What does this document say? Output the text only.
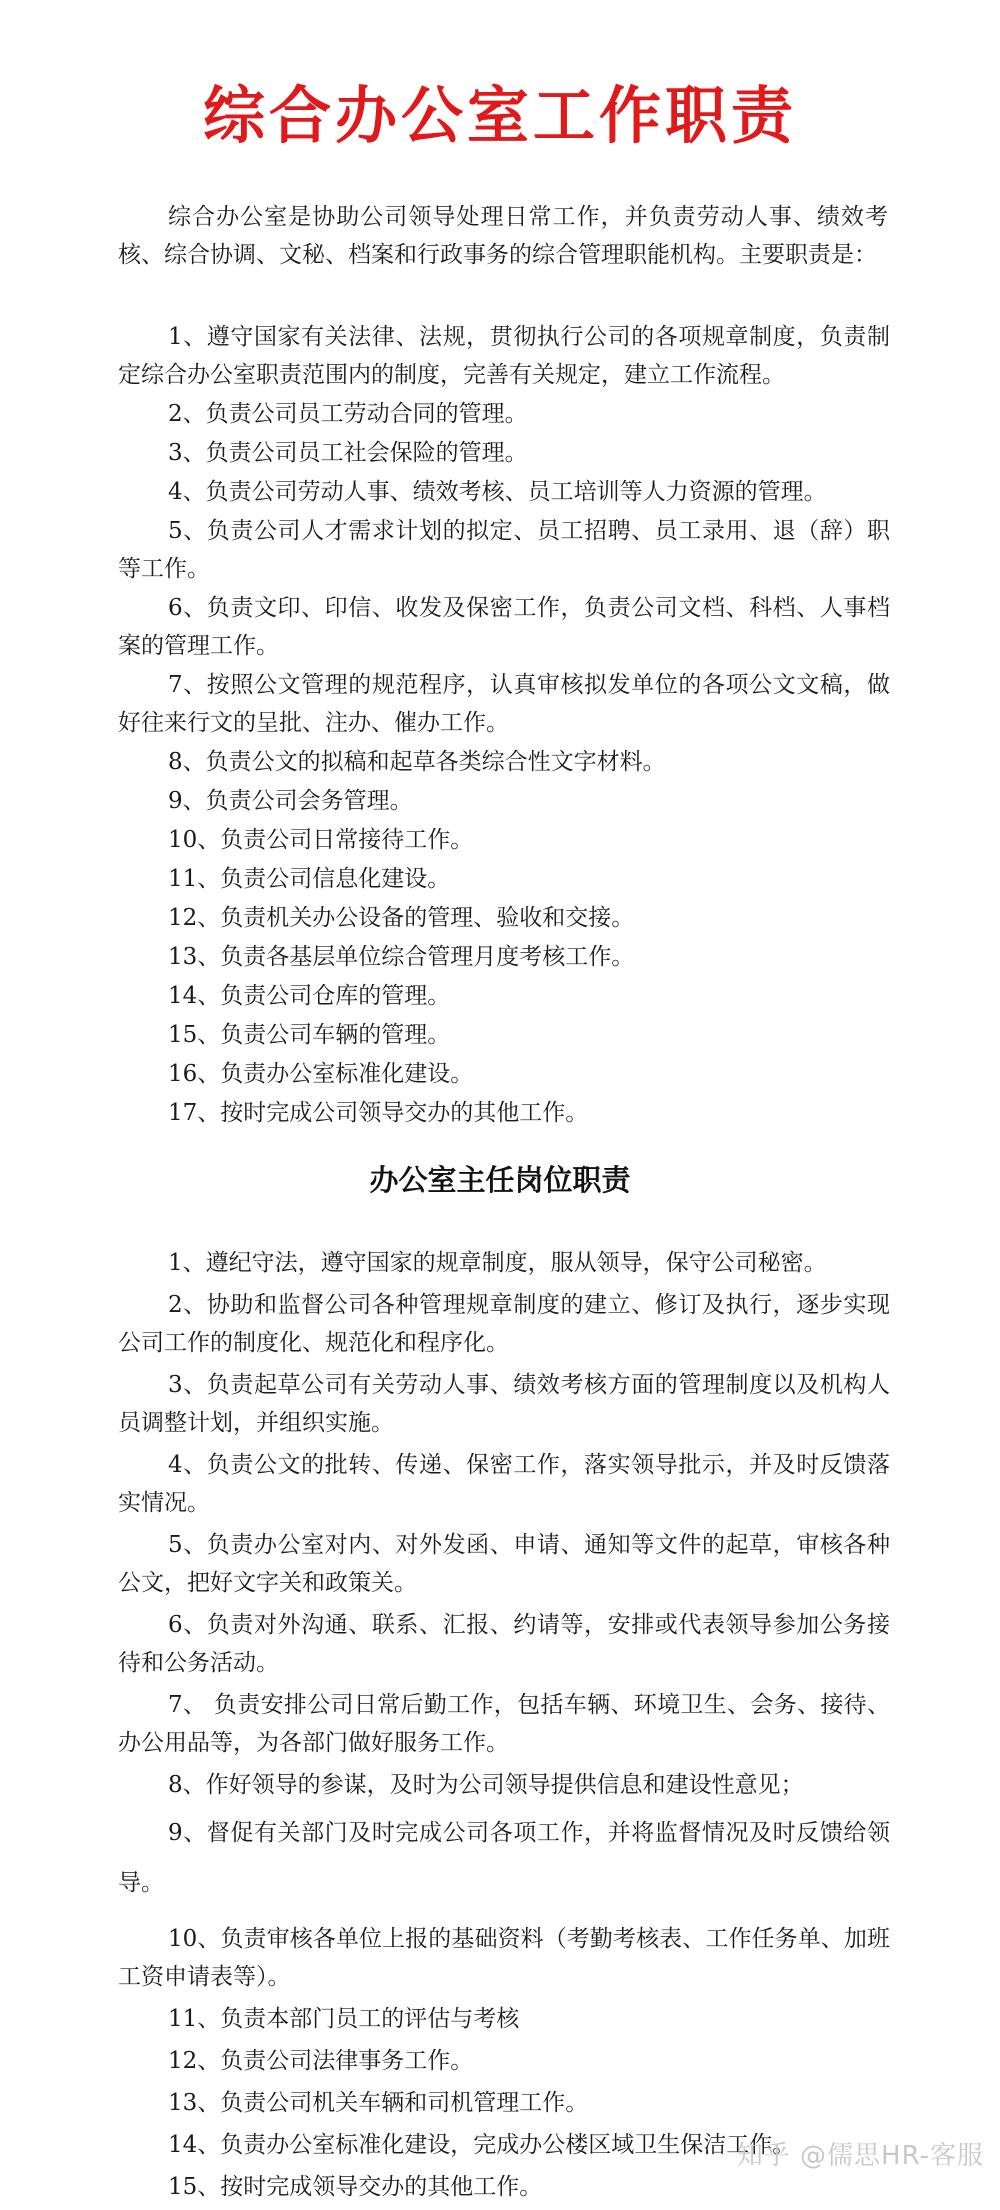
综合办公室工作职责

综合办公室是协助公司领导处理日常工作，并负责劳动人事、绩效考核、综合协调、文秘、档案和行政事务的综合管理职能机构。主要职责是：

1、遵守国家有关法律、法规，贯彻执行公司的各项规章制度，负责制定综合办公室职责范围内的制度，完善有关规定，建立工作流程。
2、负责公司员工劳动合同的管理。
3、负责公司员工社会保险的管理。
4、负责公司劳动人事、绩效考核、员工培训等人力资源的管理。
5、负责公司人才需求计划的拟定、员工招聘、员工录用、退（辞）职等工作。
6、负责文印、印信、收发及保密工作，负责公司文档、科档、人事档案的管理工作。
7、按照公文管理的规范程序，认真审核拟发单位的各项公文文稿，做好往来行文的呈批、注办、催办工作。
8、负责公文的拟稿和起草各类综合性文字材料。
9、负责公司会务管理。
10、负责公司日常接待工作。
11、负责公司信息化建设。
12、负责机关办公设备的管理、验收和交接。
13、负责各基层单位综合管理月度考核工作。
14、负责公司仓库的管理。
15、负责公司车辆的管理。
16、负责办公室标准化建设。
17、按时完成公司领导交办的其他工作。
办公室主任岗位职责
1、遵纪守法，遵守国家的规章制度，服从领导，保守公司秘密。
2、协助和监督公司各种管理规章制度的建立、修订及执行，逐步实现公司工作的制度化、规范化和程序化。
3、负责起草公司有关劳动人事、绩效考核方面的管理制度以及机构人员调整计划，并组织实施。
4、负责公文的批转、传递、保密工作，落实领导批示，并及时反馈落实情况。
5、负责办公室对内、对外发函、申请、通知等文件的起草，审核各种公文，把好文字关和政策关。
6、负责对外沟通、联系、汇报、约请等，安排或代表领导参加公务接待和公务活动。
7、 负责安排公司日常后勤工作，包括车辆、环境卫生、会务、接待、办公用品等，为各部门做好服务工作。
8、作好领导的参谋，及时为公司领导提供信息和建设性意见；
9、督促有关部门及时完成公司各项工作，并将监督情况及时反馈给领导。
10、负责审核各单位上报的基础资料（考勤考核表、工作任务单、加班工资申请表等）。
11、负责本部门员工的评估与考核
12、负责公司法律事务工作。
13、负责公司机关车辆和司机管理工作。
14、负责办公室标准化建设，完成办公楼区域卫生保洁工作。
15、按时完成领导交办的其他工作。
知乎 @儒思HR-客服
